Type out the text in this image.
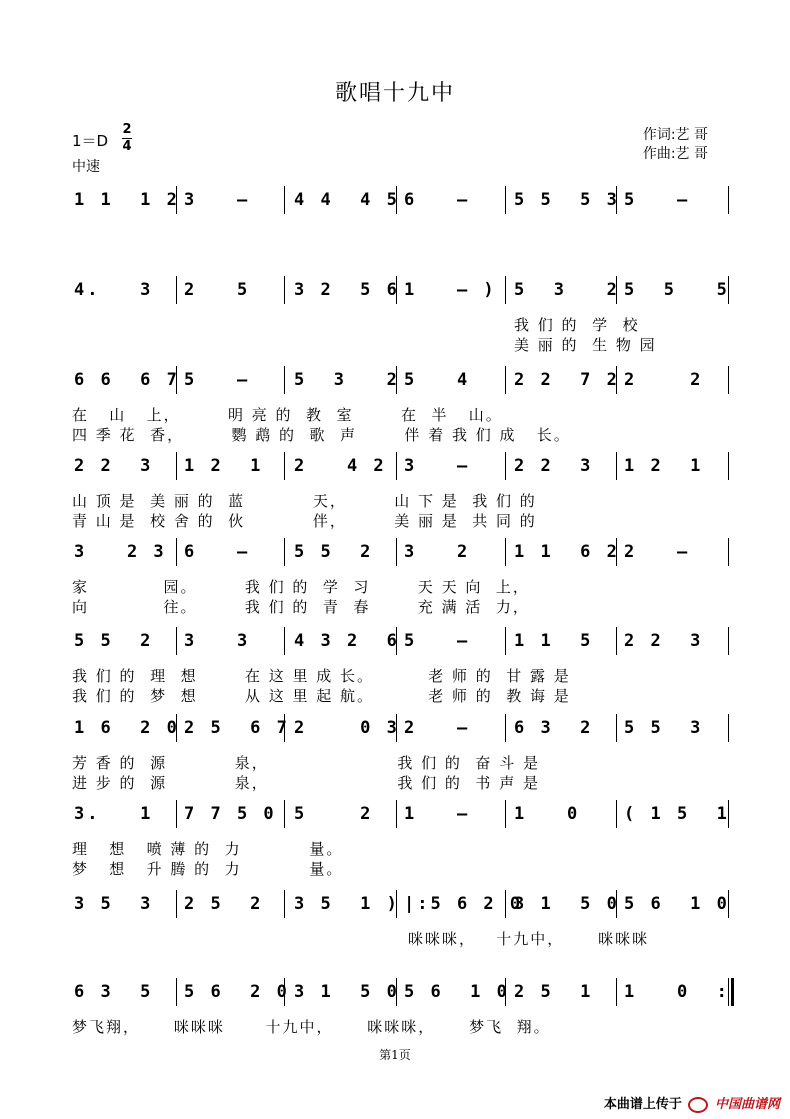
歌唱十九中
1＝D
2
4
中速
作词:艺 哥
作曲:艺 哥
1 1  1 2 3   –	4 4  4 5 6   –	5 5  5 3 5   –
4.   3 2   5	3 2  5 6 1   – ) 5  3   2 5  5   5
我 们 的  学  校
美 丽 的  生 物 园
6 6  6 7 5   –	5  3   2 5   4	2 2  7 2 2    2
在   山   上，       明 亮 的  教  室       在  半   山。
四 季 花  香，       鹦 鹉 的  歌  声       伴 着 我 们 成   长。
2 2  3 1 2  1 2   4 2 3   –	2 2  3 1 2  1
山 顶 是  美 丽 的  蓝          天，       山 下 是  我 们 的
青 山 是  校 舍 的  伙          伴，       美 丽 是  共 同 的
3   2 3 6   –	5 5  2 3   2	1 1  6 2 2   –
家           园。       我 们 的  学  习       天 天 向  上，
向           往。       我 们 的  青  春       充 满 活  力，
5 5  2 3   3	4 3 2  6 5   –	1 1  5 2 2  3
我 们 的  理  想       在 这 里 成 长。        老 师 的  甘 露 是
我 们 的  梦  想       从 这 里 起 航。        老 师 的  教 诲 是
1 6  2 0 2 5  6 7 2    0 3 2   –	6 3  2 5 5  3
芳 香 的  源          泉，                   我 们 的  奋 斗 是
进 步 的  源          泉，                   我 们 的  书 声 是
3.   1 7 7 5 0 5    2 1   –	1   0	( 1 5  1
理   想   喷 薄 的  力          量。
梦   想   升 腾 的  力          量。
3 5  3 2 5  2 3 5  1 ) |:5 6 2 0
3 1  5 0 5 6  1 0
咪咪咪，   十九中，     咪咪咪
6 3  5 5 6  2 0 3 1  5 0 5 6  1 0 2 5  1 1   0  :
梦飞翔，     咪咪咪      十九中，     咪咪咪，     梦飞  翔。
第1页
本曲谱上传于	中国曲谱网
